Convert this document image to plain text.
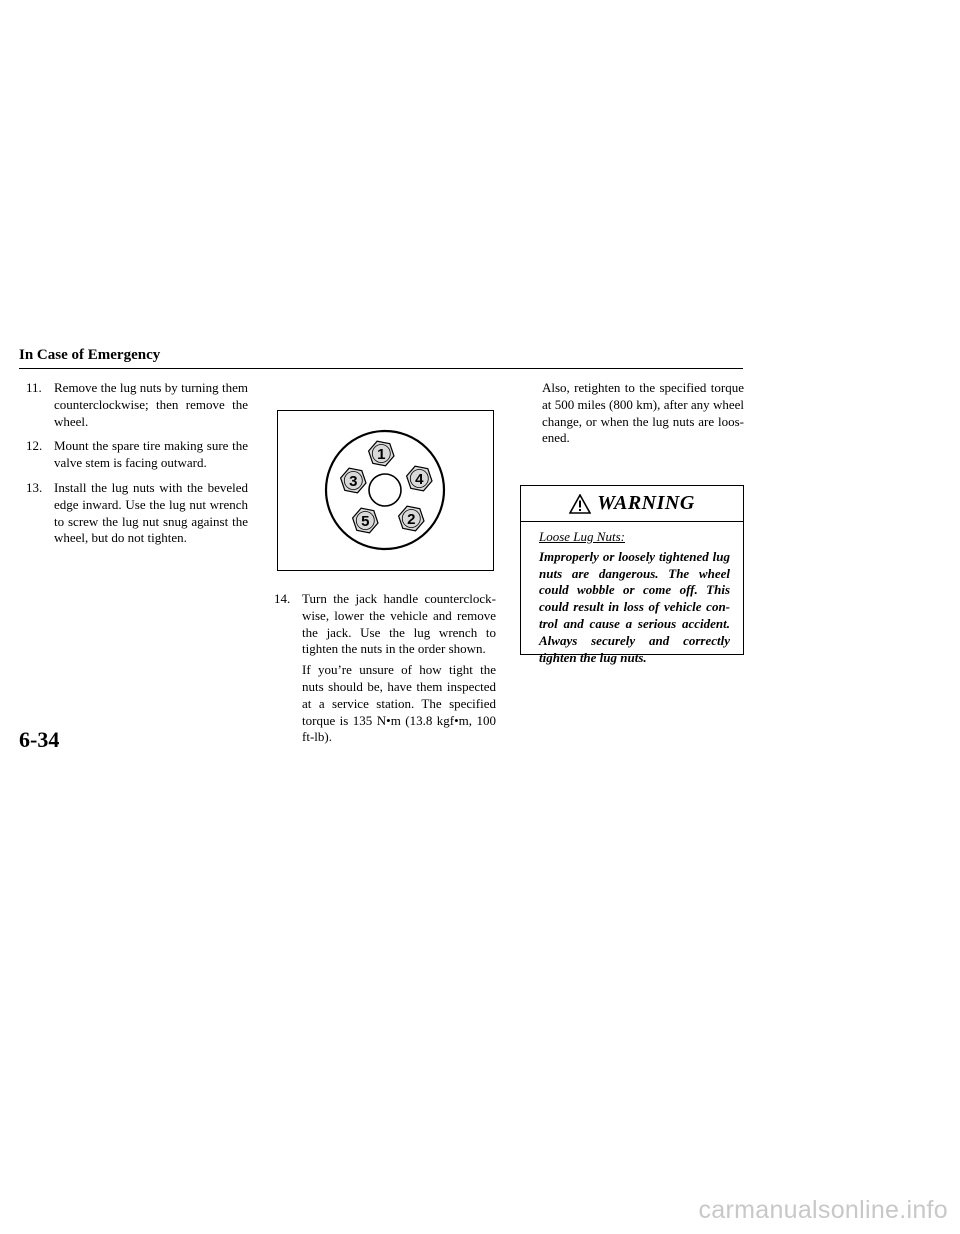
In Case of Emergency
11. Remove the lug nuts by turning them counterclockwise; then remove the wheel.

12. Mount the spare tire making sure the valve stem is facing outward.

13. Install the lug nuts with the beveled edge inward. Use the lug nut wrench to screw the lug nut snug against the wheel, but do not tighten.

1
4
2
5
3
14. Turn the jack handle counterclock-wise, lower the vehicle and remove the jack. Use the lug wrench to tighten the nuts in the order shown.

If you’re unsure of how tight the nuts should be, have them inspected at a service station. The specified torque is 135 N•m (13.8 kgf•m, 100 ft-lb).

Also, retighten to the specified torque at 500 miles (800 km), after any wheel change, or when the lug nuts are loos-ened.

WARNING

Loose Lug Nuts:

Improperly or loosely tightened lug nuts are dangerous. The wheel could wobble or come off. This could result in loss of vehicle con-trol and cause a serious accident. Always securely and correctly tighten the lug nuts.

6-34
carmanualsonline.info
